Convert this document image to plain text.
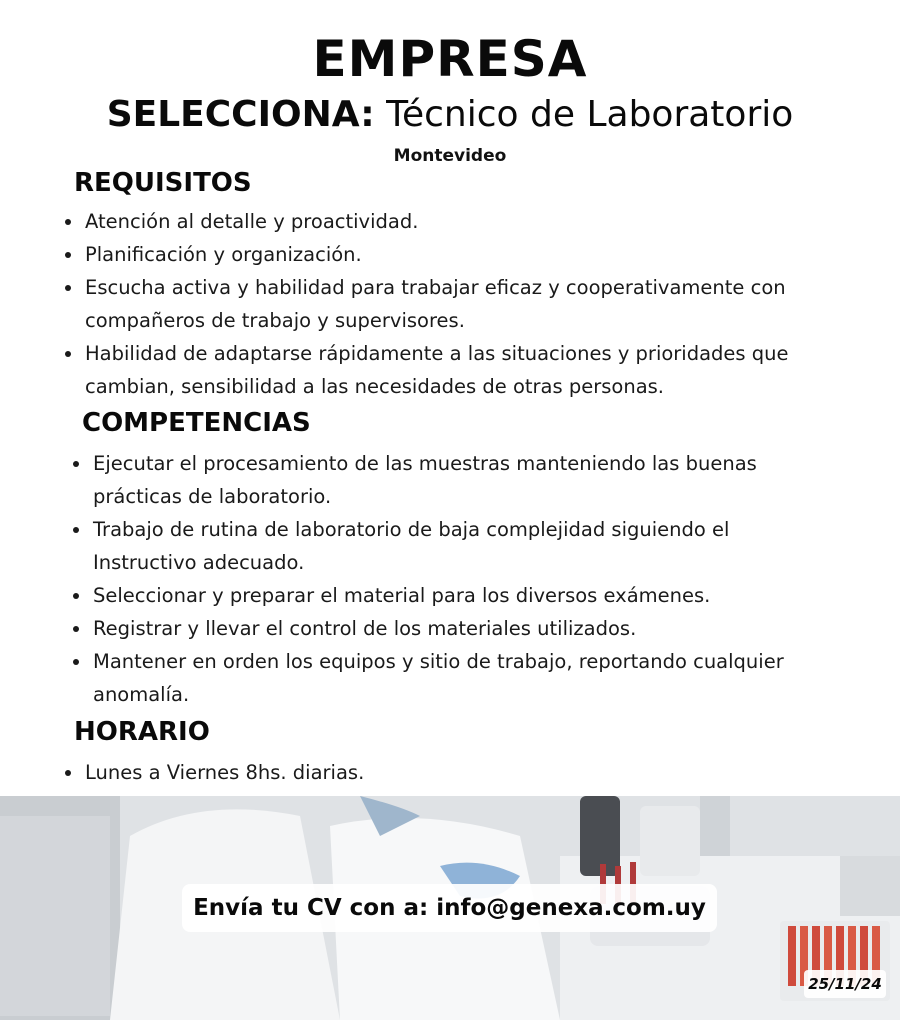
EMPRESA
SELECCIONA: Técnico de Laboratorio
Montevideo
REQUISITOS
Atención al detalle y proactividad.
Planificación y organización.
Escucha activa y habilidad para trabajar eficaz y cooperativamente con compañeros de trabajo y supervisores.
Habilidad de adaptarse rápidamente a las situaciones y prioridades que cambian, sensibilidad a las necesidades de otras personas.
COMPETENCIAS
Ejecutar el procesamiento de las muestras manteniendo las buenas prácticas de laboratorio.
Trabajo de rutina de laboratorio de baja complejidad siguiendo el Instructivo adecuado.
Seleccionar y preparar el material para los diversos exámenes.
Registrar y llevar el control de los materiales utilizados.
Mantener en orden los equipos y sitio de trabajo, reportando cualquier anomalía.
HORARIO
Lunes a Viernes 8hs. diarias.
Envía tu CV con a: info@genexa.com.uy
25/11/24
